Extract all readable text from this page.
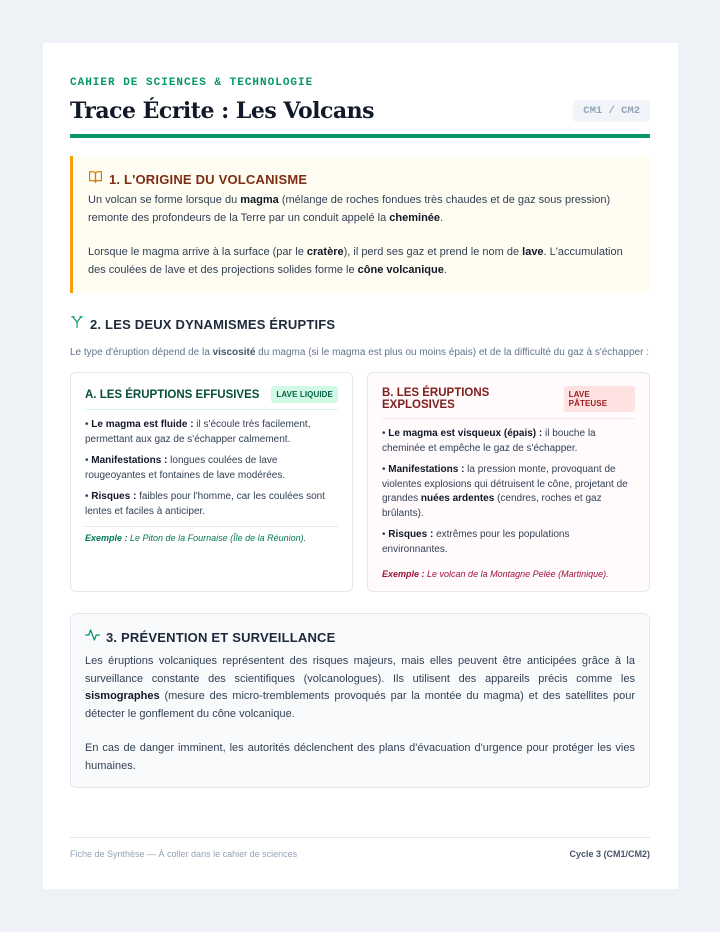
CAHIER DE SCIENCES & TECHNOLOGIE

Trace Écrite : Les Volcans	CM1 / CM2
1. L'ORIGINE DU VOLCANISME

Un volcan se forme lorsque du magma (mélange de roches fondues très chaudes et de gaz sous pression) remonte des profondeurs de la Terre par un conduit appelé la cheminée.

Lorsque le magma arrive à la surface (par le cratère), il perd ses gaz et prend le nom de lave. L'accumulation des coulées de lave et des projections solides forme le cône volcanique.

2. LES DEUX DYNAMISMES ÉRUPTIFS

Le type d'éruption dépend de la viscosité du magma (si le magma est plus ou moins épais) et de la difficulté du gaz à s'échapper :

A. LES ÉRUPTIONS EFFUSIVES	LAVE LIQUIDE

• Le magma est fluide : il s'écoule très facilement, permettant aux gaz de s'échapper calmement.

• Manifestations : longues coulées de lave rougeoyantes et fontaines de lave modérées.

• Risques : faibles pour l'homme, car les coulées sont lentes et faciles à anticiper.

Exemple : Le Piton de la Fournaise (Île de la Réunion).

B. LES ÉRUPTIONS EXPLOSIVES
LAVE PÂTEUSE

• Le magma est visqueux (épais) : il bouche la cheminée et empêche le gaz de s'échapper.

• Manifestations : la pression monte, provoquant de violentes explosions qui détruisent le cône, projetant de grandes nuées ardentes (cendres, roches et gaz brûlants).

• Risques : extrêmes pour les populations environnantes.

Exemple : Le volcan de la Montagne Pelée (Martinique).

3. PRÉVENTION ET SURVEILLANCE

Les éruptions volcaniques représentent des risques majeurs, mais elles peuvent être anticipées grâce à la surveillance constante des scientifiques (volcanologues). Ils utilisent des appareils précis comme les sismographes (mesure des micro-tremblements provoqués par la montée du magma) et des satellites pour détecter le gonflement du cône volcanique.

En cas de danger imminent, les autorités déclenchent des plans d'évacuation d'urgence pour protéger les vies humaines.

Fiche de Synthèse — À coller dans le cahier de sciences	Cycle 3 (CM1/CM2)
